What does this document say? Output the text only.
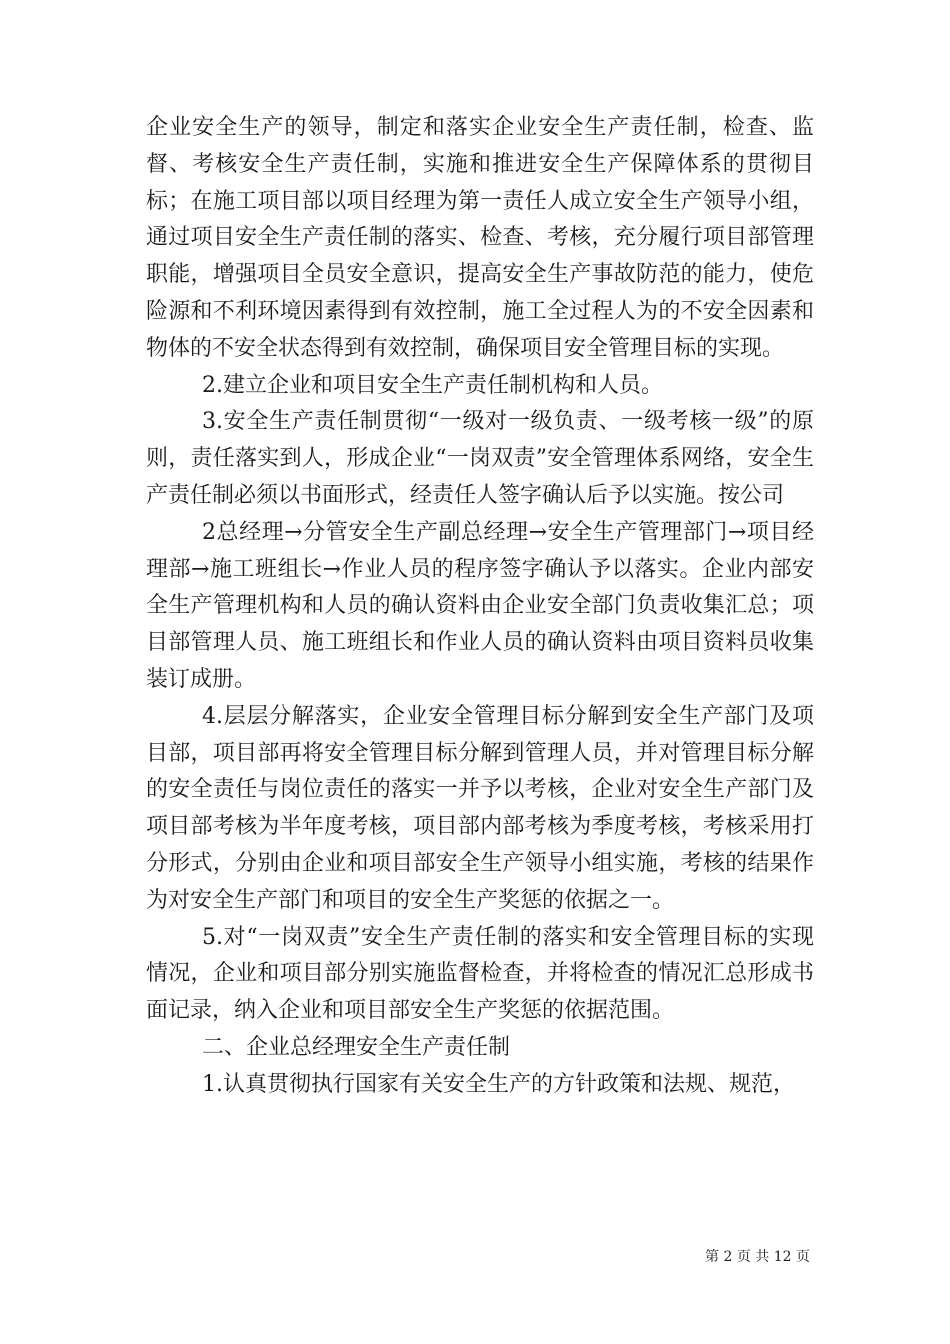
企业安全生产的领导，制定和落实企业安全生产责任制，检查、监督、考核安全生产责任制，实施和推进安全生产保障体系的贯彻目标；在施工项目部以项目经理为第一责任人成立安全生产领导小组，通过项目安全生产责任制的落实、检查、考核，充分履行项目部管理职能，增强项目全员安全意识，提高安全生产事故防范的能力，使危险源和不利环境因素得到有效控制，施工全过程人为的不安全因素和物体的不安全状态得到有效控制，确保项目安全管理目标的实现。

2.建立企业和项目安全生产责任制机构和人员。

3.安全生产责任制贯彻“一级对一级负责、一级考核一级”的原则，责任落实到人，形成企业“一岗双责”安全管理体系网络，安全生产责任制必须以书面形式，经责任人签字确认后予以实施。按公司

2总经理→分管安全生产副总经理→安全生产管理部门→项目经理部→施工班组长→作业人员的程序签字确认予以落实。企业内部安全生产管理机构和人员的确认资料由企业安全部门负责收集汇总；项目部管理人员、施工班组长和作业人员的确认资料由项目资料员收集装订成册。

4.层层分解落实，企业安全管理目标分解到安全生产部门及项目部，项目部再将安全管理目标分解到管理人员，并对管理目标分解的安全责任与岗位责任的落实一并予以考核，企业对安全生产部门及项目部考核为半年度考核，项目部内部考核为季度考核，考核采用打分形式，分别由企业和项目部安全生产领导小组实施，考核的结果作为对安全生产部门和项目的安全生产奖惩的依据之一。

5.对“一岗双责”安全生产责任制的落实和安全管理目标的实现情况，企业和项目部分别实施监督检查，并将检查的情况汇总形成书面记录，纳入企业和项目部安全生产奖惩的依据范围。

二、企业总经理安全生产责任制

1.认真贯彻执行国家有关安全生产的方针政策和法规、规范，

第 2 页 共 12 页
